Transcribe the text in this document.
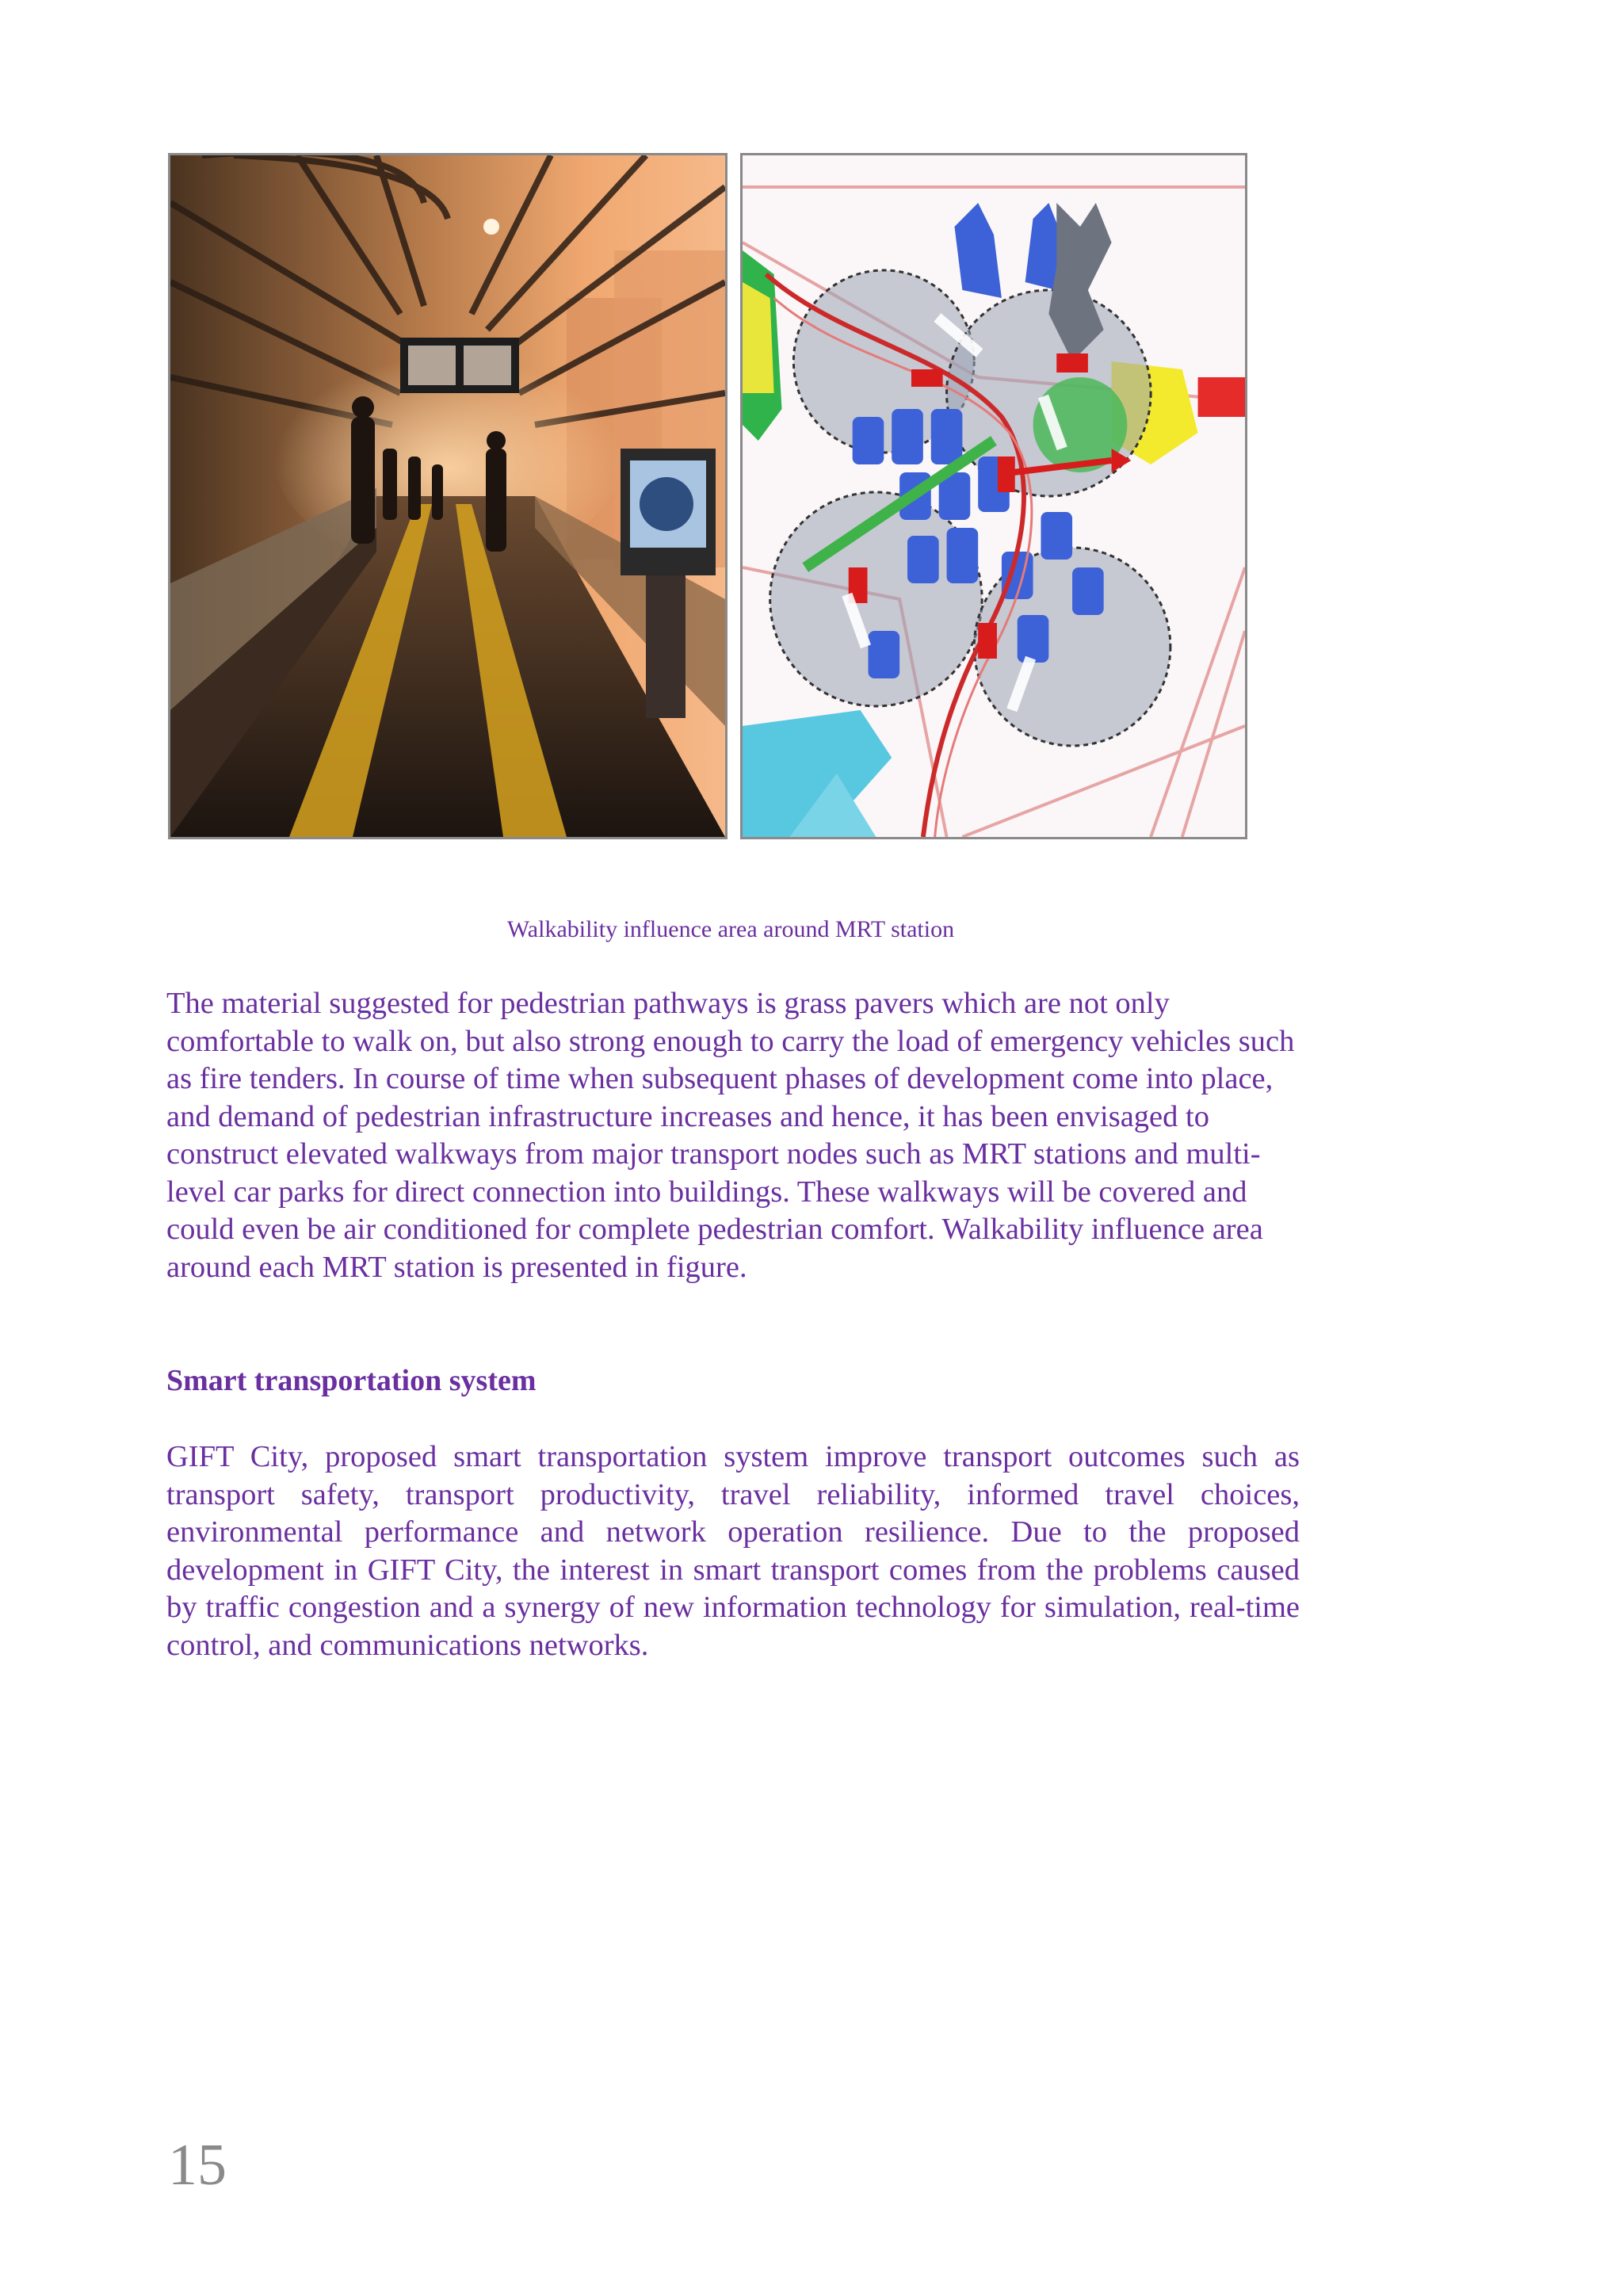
Walkability influence area around MRT station
The material suggested for pedestrian pathways is grass pavers which are not only comfortable to walk on, but also strong enough to carry the load of emergency vehicles such as fire tenders. In course of time when subsequent phases of development come into place, and demand of pedestrian infrastructure increases and hence, it has been envisaged to construct elevated walkways from major transport nodes such as MRT stations and multi-level car parks for direct connection into buildings. These walkways will be covered and could even be air conditioned for complete pedestrian comfort. Walkability influence area around each MRT station is presented in figure.
Smart transportation system
GIFT City, proposed smart transportation system improve transport outcomes such as transport safety, transport productivity, travel reliability, informed travel choices, environmental performance and network operation resilience. Due to the proposed development in GIFT City, the interest in smart transport comes from the problems caused by traffic congestion and a synergy of new information technology for simulation, real-time control, and communications networks.
15
